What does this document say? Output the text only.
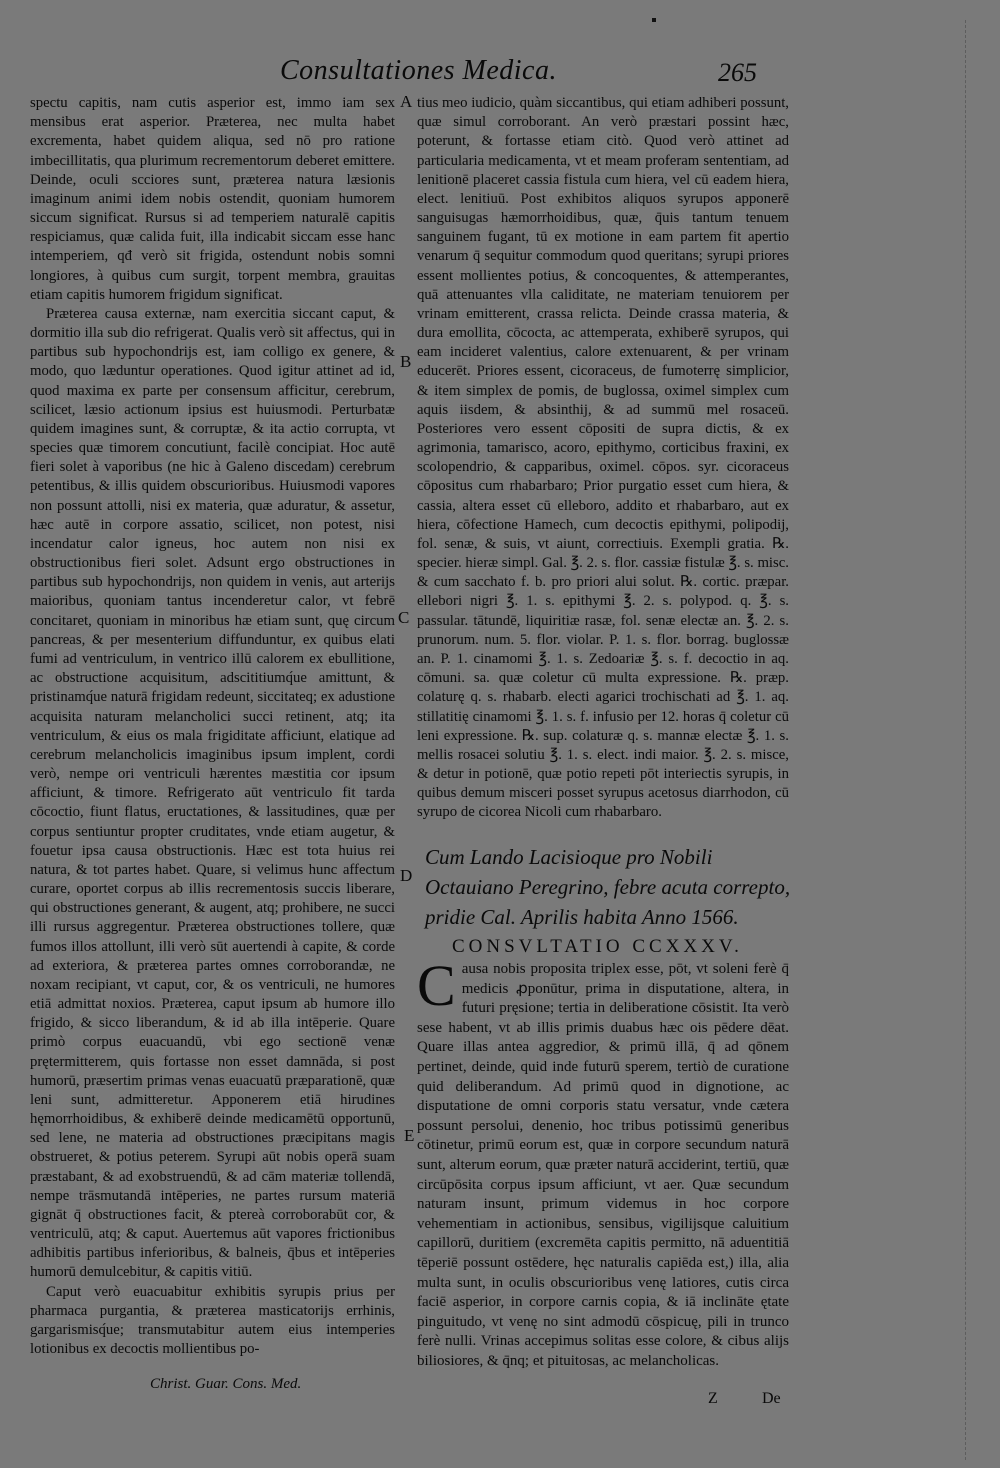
Consultationes Medica.	265

spectu capitis, nam cutis asperior est, immo iam sex mensibus erat asperior. Præterea, nec multa habet excrementa, habet quidem aliqua, sed nō pro ratione imbecillitatis, qua plurimum recrementorum deberet emittere. Deinde, oculi scciores sunt, præterea natura læsionis imaginum animi idem nobis ostendit, quoniam humorem siccum significat. Rursus si ad temperiem naturalē capitis respiciamus, quæ calida fuit, illa indicabit siccam esse hanc intemperiem, qđ verò sit frigida, ostendunt nobis somni longiores, à quibus cum surgit, torpent membra, grauitas etiam capitis humorem frigidum significat.

Præterea causa externæ, nam exercitia siccant caput, & dormitio illa sub dio refrigerat. Qualis verò sit affectus, qui in partibus sub hypochondrijs est, iam colligo ex genere, & modo, quo læduntur operationes. Quod igitur attinet ad id, quod maxima ex parte per consensum afficitur, cerebrum, scilicet, læsio actionum ipsius est huiusmodi. Perturbatæ quidem imagines sunt, & corruptæ, & ita actio corrupta, vt species quæ timorem concutiunt, facilè concipiat. Hoc autē fieri solet à vaporibus (ne hic à Galeno discedam) cerebrum petentibus, & illis quidem obscurioribus. Huiusmodi vapores non possunt attolli, nisi ex materia, quæ aduratur, & assetur, hæc autē in corpore assatio, scilicet, non potest, nisi incendatur calor igneus, hoc autem non nisi ex obstructionibus fieri solet. Adsunt ergo obstructiones in partibus sub hypochondrijs, non quidem in venis, aut arterijs maioribus, quoniam tantus incenderetur calor, vt febrē concitaret, quoniam in minoribus hæ etiam sunt, quę circum pancreas, & per mesenterium diffunduntur, ex quibus elati fumi ad ventriculum, in ventrico illū calorem ex ebullitione, ac obstructione acquisitum, adscititiumq́ue amittunt, & pristinamq́ue naturā frigidam redeunt, siccitateq; ex adustione acquisita naturam melancholici succi retinent, atq; ita ventriculum, & eius os mala frigiditate afficiunt, elatique ad cerebrum melancholicis imaginibus ipsum implent, cordi verò, nempe ori ventriculi hærentes mæstitia cor ipsum afficiunt, & timore. Refrigerato aūt ventriculo fit tarda cōcoctio, fiunt flatus, eructationes, & lassitudines, quæ per corpus sentiuntur propter cruditates, vnde etiam augetur, & fouetur ipsa causa obstructionis. Hæc est tota huius rei natura, & tot partes habet. Quare, si velimus hunc affectum curare, oportet corpus ab illis recrementosis succis liberare, qui obstructiones generant, & augent, atq; prohibere, ne succi illi rursus aggregentur. Præterea obstructiones tollere, quæ fumos illos attollunt, illi verò sūt auertendi à capite, & corde ad exteriora, & præterea partes omnes corroborandæ, ne noxam recipiant, vt caput, cor, & os ventriculi, ne humores etiā admittat noxios. Præterea, caput ipsum ab humore illo frigido, & sicco liberandum, & id ab illa intēperie. Quare primò corpus euacuandū, vbi ego sectionē venæ prętermitterem, quis fortasse non esset damnāda, si post humorū, præsertim primas venas euacuatū præparationē, quæ leni sunt, admitteretur. Apponerem etiā hirudines hęmorrhoidibus, & exhiberē deinde medicamētū opportunū, sed lene, ne materia ad obstructiones præcipitans magis obstrueret, & potius peterem. Syrupi aūt nobis operā suam præstabant, & ad exobstruendū, & ad cām materiæ tollendā, nempe trāsmutandā intēperies, ne partes rursum materiā gignāt q̄ obstructiones facit, & ptereà corroborabūt cor, & ventriculū, atq; & caput. Auertemus aūt vapores frictionibus adhibitis partibus inferioribus, & balneis, q̄bus et intēperies humorū demulcebitur, & capitis vitiū.

Caput verò euacuabitur exhibitis syrupis prius per pharmaca purgantia, & præterea masticatorijs errhinis, gargarismisq́ue; transmutabitur autem eius intemperies lotionibus ex decoctis mollientibus po-

A
B
C
D
E

tius meo iudicio, quàm siccantibus, qui etiam adhiberi possunt, quæ simul corroborant. An verò præstari possint hæc, poterunt, & fortasse etiam citò. Quod verò attinet ad particularia medicamenta, vt et meam proferam sententiam, ad lenitionē placeret cassia fistula cum hiera, vel cū eadem hiera, elect. lenitiuū. Post exhibitos aliquos syrupos apponerē sanguisugas hæmorrhoidibus, quæ, q̄uis tantum tenuem sanguinem fugant, tū ex motione in eam partem fit apertio venarum q̄ sequitur commodum quod queritans; syrupi priores essent mollientes potius, & concoquentes, & attemperantes, quā attenuantes vlla caliditate, ne materiam tenuiorem per vrinam emitterent, crassa relicta. Deinde crassa materia, & dura emollita, cōcocta, ac attemperata, exhiberē syrupos, qui eam incideret valentius, calore extenuarent, & per vrinam educerēt. Priores essent, cicoraceus, de fumoterrę simplicior, & item simplex de pomis, de buglossa, oximel simplex cum aquis iisdem, & absinthij, & ad summū mel rosaceū. Posteriores vero essent cōpositi de supra dictis, & ex agrimonia, tamarisco, acoro, epithymo, corticibus fraxini, ex scolopendrio, & capparibus, oximel. cōpos. syr. cicoraceus cōpositus cum rhabarbaro; Prior purgatio esset cum hiera, & cassia, altera esset cū elleboro, addito et rhabarbaro, aut ex hiera, cōfectione Hamech, cum decoctis epithymi, polipodij, fol. senæ, & suis, vt aiunt, correctiuis. Exempli gratia. ℞. specier. hieræ simpl. Gal. ℥. 2. s. flor. cassiæ fistulæ ℥. s. misc. & cum sacchato f. b. pro priori alui solut. ℞. cortic. præpar. ellebori nigri ℥. 1. s. epithymi ℥. 2. s. polypod. q. ℥. s. passular. tātundē, liquiritiæ rasæ, fol. senæ electæ an. ℥. 2. s. prunorum. num. 5. flor. violar. P. 1. s. flor. borrag. buglossæ an. P. 1. cinamomi ℥. 1. s. Zedoariæ ℥. s. f. decoctio in aq. cōmuni. sa. quæ coletur cū multa expressione. ℞. præp. colaturę q. s. rhabarb. electi agarici trochischati ad ℥. 1. aq. stillatitię cinamomi ℥. 1. s. f. infusio per 12. horas q̄ coletur cū leni expressione. ℞. sup. colaturæ q. s. mannæ electæ ℥. 1. s. mellis rosacei solutiu ℥. 1. s. elect. indi maior. ℥. 2. s. misce, & detur in potionē, quæ potio repeti pōt interiectis syrupis, in quibus demum misceri posset syrupus acetosus diarrhodon, cū syrupo de cicorea Nicoli cum rhabarbaro.

Cum Lando Lacisioque pro Nobili Octauiano Peregrino, febre acuta correpto, pridie Cal. Aprilis habita Anno 1566.
CONSVLTATIO CCXXXV.

C ausa nobis proposita triplex esse, pōt, vt soleni ferè q̄ medicis ꝓponūtur, prima in disputatione, altera, in futuri pręsione; tertia in deliberatione cōsistit. Ita verò sese habent, vt ab illis primis duabus hæc ois pēdere dēat. Quare illas antea aggredior, & primū illā, q̄ ad qōnem pertinet, deinde, quid inde futurū sperem, tertiò de curatione quid deliberandum. Ad primū quod in dignotione, ac disputatione de omni corporis statu versatur, vnde cætera possunt persolui, denenio, hoc tribus potissimū generibus cōtinetur, primū eorum est, quæ in corpore secundum naturā sunt, alterum eorum, quæ præter naturā acciderint, tertiū, quæ circūpōsita corpus ipsum afficiunt, vt aer. Quæ secundum naturam insunt, primum videmus in hoc corpore vehementiam in actionibus, sensibus, vigilijsque caluitium capillorū, duritiem (excremēta capitis permitto, nā aduentitiā tēperiē possunt ostēdere, hęc naturalis capiēda est,) illa, alia multa sunt, in oculis obscurioribus venę latiores, cutis circa faciē asperior, in corpore carnis copia, & iā inclināte ętate pinguitudo, vt venę no sint admodū cōspicuę, pili in trunco ferè nulli. Vrinas accepimus solitas esse colore, & cibus alijs biliosiores, & q̄nq; et pituitosas, ac melancholicas.

Christ. Guar. Cons. Med.
Z	De
